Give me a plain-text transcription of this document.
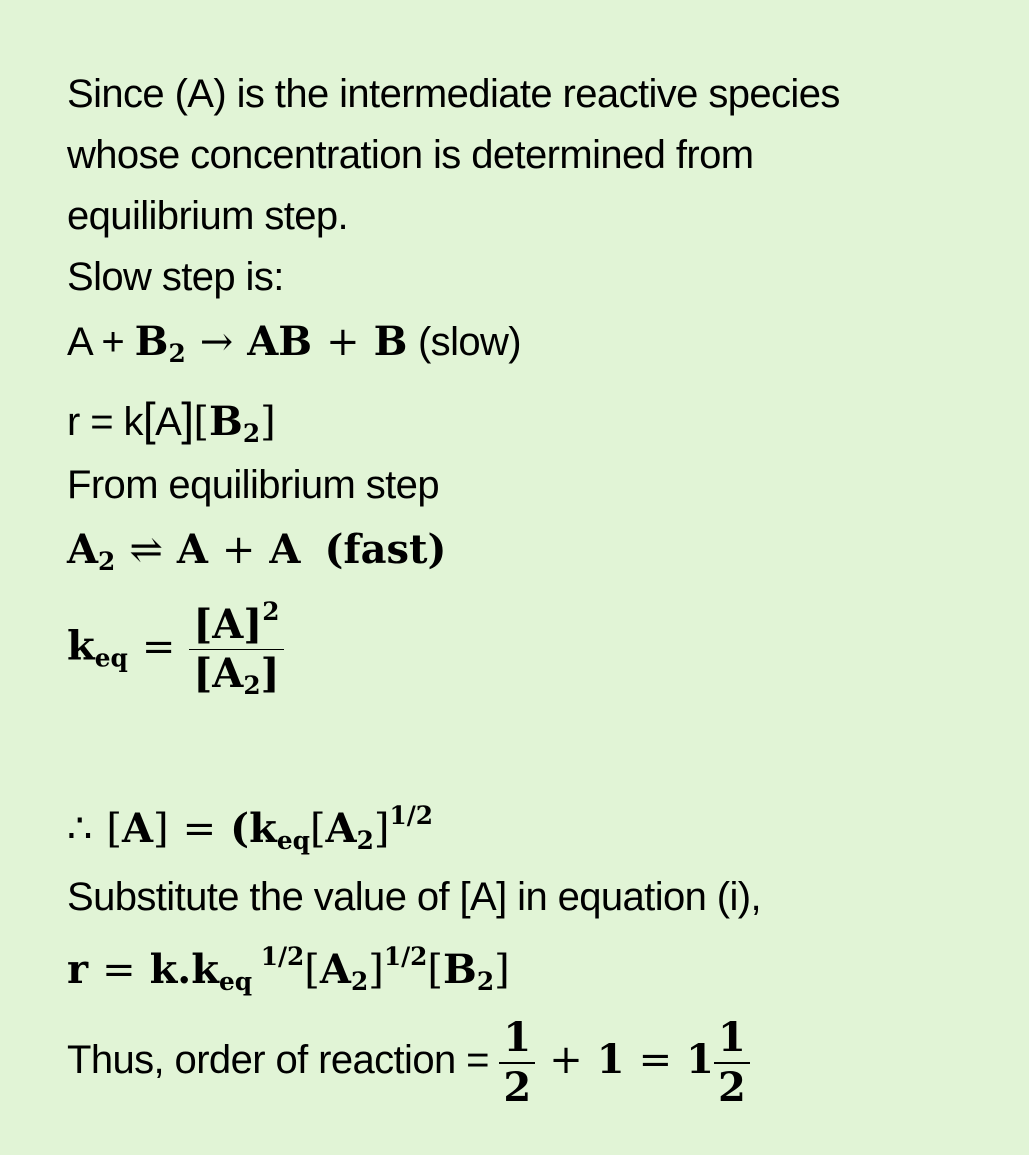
Since (A) is the intermediate reactive species
whose concentration is determined from
equilibrium step.
Slow step is:
$A + B_2$ → AB + B (slow)
$r = k[A][B_2]$
From equilibrium step
$A_2$ ⇌ A + A (fast)
$k_{eq} = \frac{[A]^2}{[A_2]}$
∴ $[A] = (k_{eq}[A_2]^{1/2}$
Substitute the value of [A] in equation (i),
$r = k.k_{eq}$ $^{1/2}[A_2]^{1/2}[B_2]$
Thus, order of reaction = $\frac{1}{2} + 1 = 1 \frac{1}{2}$
